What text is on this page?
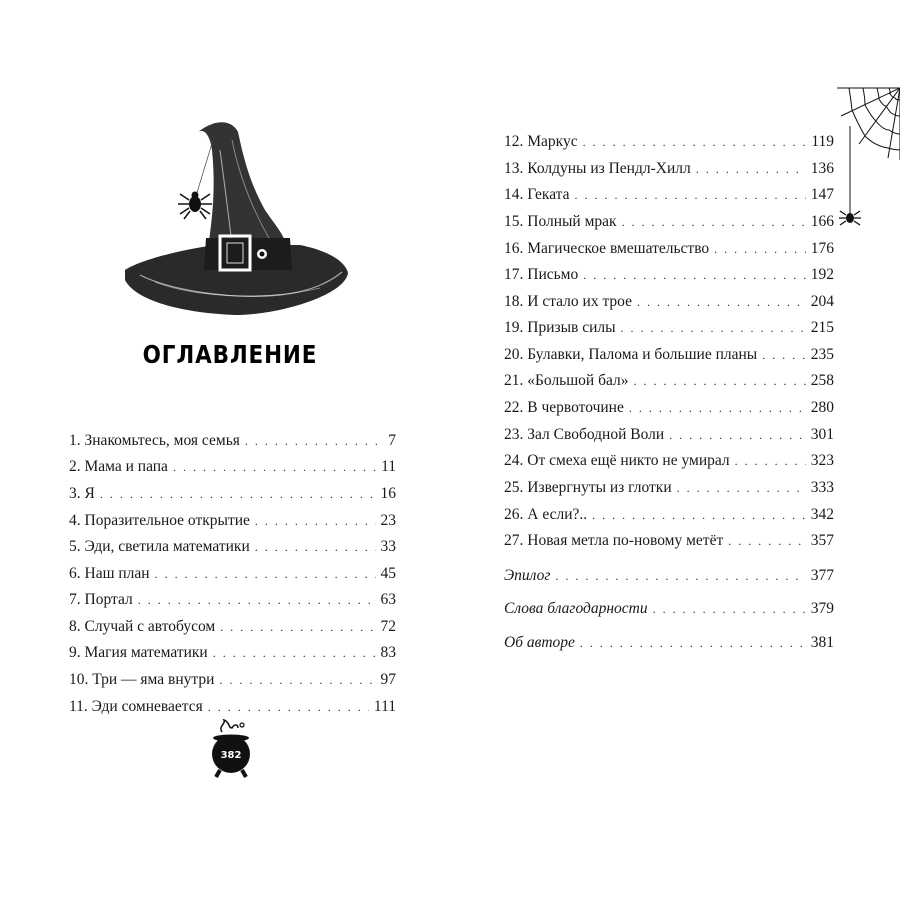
ОГЛАВЛЕНИЕ
1. Знакомьтесь, моя семья . . .	7
2. Мама и папа . . .	11
3. Я . . .	16
4. Поразительное открытие . . .	23
5. Эди, светила математики . . .	33
6. Наш план . . .	45
7. Портал . . .	63
8. Случай с автобусом . . .	72
9. Магия математики . . .	83
10. Три — яма внутри . . .	97
11. Эди сомневается . . .	111
382
12. Маркус . . .	119
13. Колдуны из Пендл-Хилл . . .	136
14. Геката . . .	147
15. Полный мрак . . .	166
16. Магическое вмешательство . . .	176
17. Письмо . . .	192
18. И стало их трое . . .	204
19. Призыв силы . . .	215
20. Булавки, Палома и большие планы . . .	235
21. «Большой бал» . . .	258
22. В червоточине . . .	280
23. Зал Свободной Воли . . .	301
24. От смеха ещё никто не умирал . . .	323
25. Извергнуты из глотки . . .	333
26. А если?.. . . .	342
27. Новая метла по-новому метёт . . .	357
Эпилог . . .	377
Слова благодарности . . .	379
Об авторе . . .	381
